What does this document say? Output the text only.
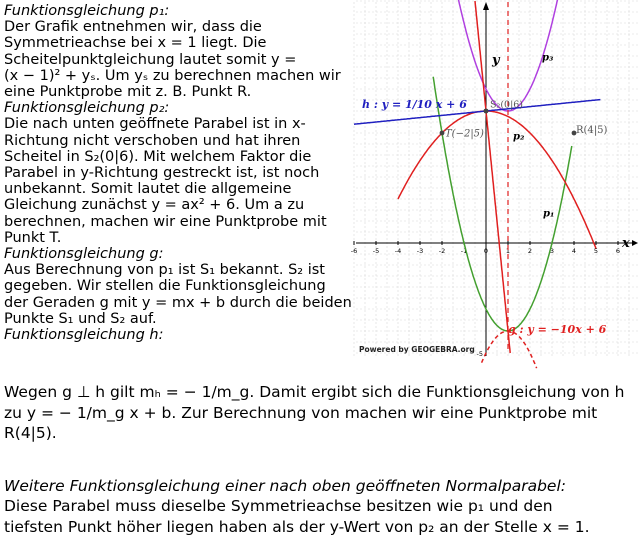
Funktionsgleichung p₁:
Der Grafik entnehmen wir, dass die
Symmetrieachse bei x = 1 liegt. Die
Scheitelpunktgleichung lautet somit y =
(x − 1)² + yₛ. Um yₛ zu berechnen machen wir
eine Punktprobe mit z. B. Punkt R.
Funktionsgleichung p₂:
Die nach unten geöffnete Parabel ist in x-
Richtung nicht verschoben und hat ihren
Scheitel in S₂(0|6). Mit welchem Faktor die
Parabel in y-Richtung gestreckt ist, ist noch
unbekannt. Somit lautet die allgemeine
Gleichung zunächst y = ax² + 6. Um a zu
berechnen, machen wir eine Punktprobe mit
Punkt T.
Funktionsgleichung g:
Aus Berechnung von p₁ ist S₁ bekannt. S₂ ist
gegeben. Wir stellen die Funktionsgleichung
der Geraden g mit y = mx + b durch die beiden
Punkte S₁ und S₂ auf.
Funktionsgleichung h:
Wegen g ⊥ h gilt mₕ = − 1/m_g. Damit ergibt sich die Funktionsgleichung von h
zu y = − 1/m_g x + b. Zur Berechnung von machen wir eine Punktprobe mit
R(4|5).
Weitere Funktionsgleichung einer nach oben geöffneten Normalparabel:
Diese Parabel muss dieselbe Symmetrieachse besitzen wie p₁ und den
tiefsten Punkt höher liegen haben als der y-Wert von p₂ an der Stelle x = 1.
-6 -5 -4 -3 -2 -1	0	1	2	3	4	5	6
-5
h : y = 1/10 x + 6
g : y = −10x + 6
p₃
p₂
p₁
S₂(0|6)
T(−2|5)	R(4|5)
y
x
Powered by GEOGEBRA.org
